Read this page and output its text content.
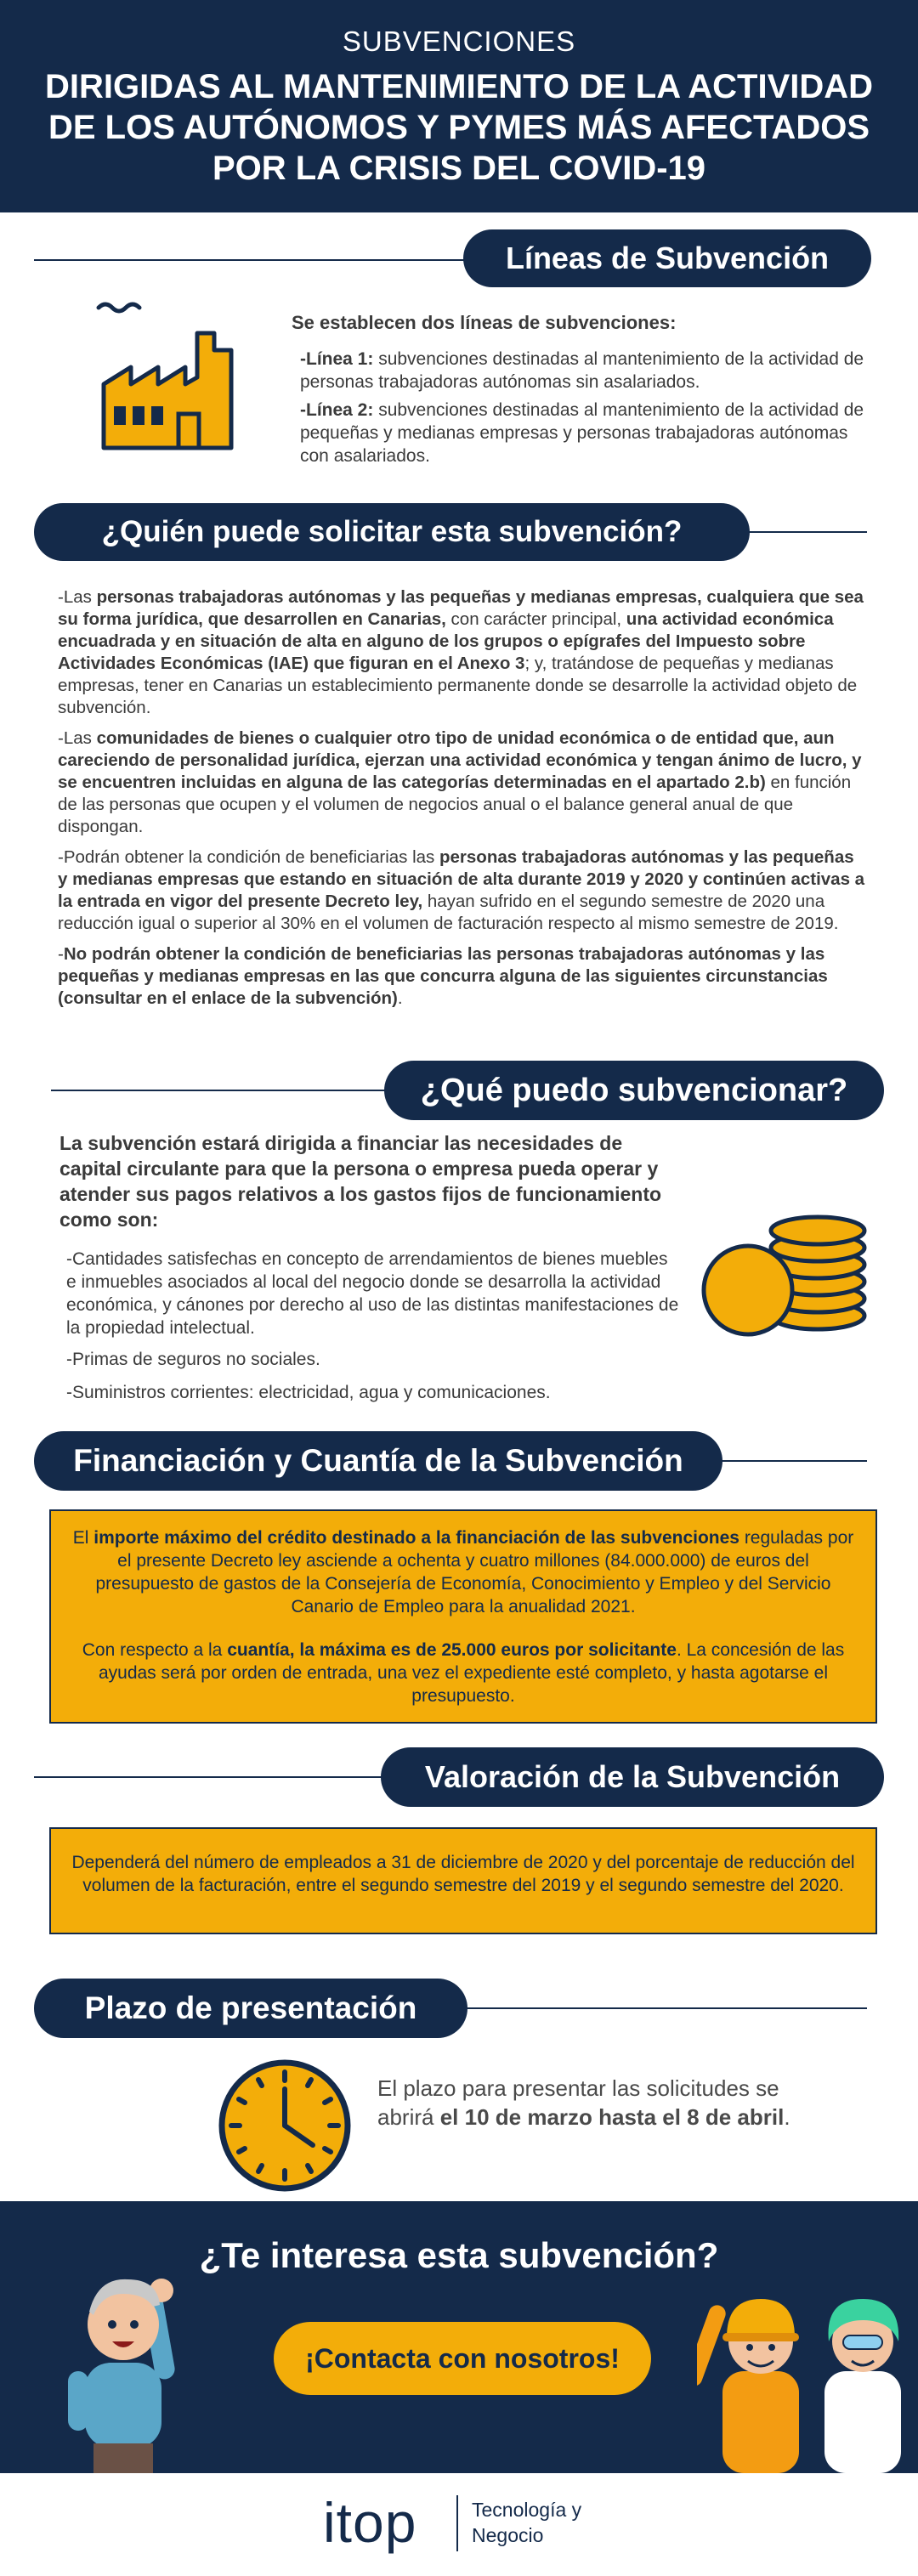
SUBVENCIONES
DIRIGIDAS AL MANTENIMIENTO DE LA ACTIVIDAD DE LOS AUTÓNOMOS Y PYMES MÁS AFECTADOS POR LA CRISIS DEL COVID-19
Líneas de Subvención

Se establecen dos líneas de subvenciones:

-Línea 1: subvenciones destinadas al mantenimiento de la actividad de personas trabajadoras autónomas sin asalariados.

-Línea 2: subvenciones destinadas al mantenimiento de la actividad de pequeñas y medianas empresas y personas trabajadoras autónomas con asalariados.

¿Quién puede solicitar esta subvención?

-Las personas trabajadoras autónomas y las pequeñas y medianas empresas, cualquiera que sea su forma jurídica, que desarrollen en Canarias, con carácter principal, una actividad económica encuadrada y en situación de alta en alguno de los grupos o epígrafes del Impuesto sobre Actividades Económicas (IAE) que figuran en el Anexo 3; y, tratándose de pequeñas y medianas empresas, tener en Canarias un establecimiento permanente donde se desarrolle la actividad objeto de subvención.

-Las comunidades de bienes o cualquier otro tipo de unidad económica o de entidad que, aun careciendo de personalidad jurídica, ejerzan una actividad económica y tengan ánimo de lucro, y se encuentren incluidas en alguna de las categorías determinadas en el apartado 2.b) en función de las personas que ocupen y el volumen de negocios anual o el balance general anual de que dispongan.

-Podrán obtener la condición de beneficiarias las personas trabajadoras autónomas y las pequeñas y medianas empresas que estando en situación de alta durante 2019 y 2020 y continúen activas a la entrada en vigor del presente Decreto ley, hayan sufrido en el segundo semestre de 2020 una reducción igual o superior al 30% en el volumen de facturación respecto al mismo semestre de 2019.

-No podrán obtener la condición de beneficiarias las personas trabajadoras autónomas y las pequeñas y medianas empresas en las que concurra alguna de las siguientes circunstancias (consultar en el enlace de la subvención).

¿Qué puedo subvencionar?

La subvención estará dirigida a financiar las necesidades de capital circulante para que la persona o empresa pueda operar y atender sus pagos relativos a los gastos fijos de funcionamiento como son:

-Cantidades satisfechas en concepto de arrendamientos de bienes muebles e inmuebles asociados al local del negocio donde se desarrolla la actividad económica, y cánones por derecho al uso de las distintas manifestaciones de la propiedad intelectual.

-Primas de seguros no sociales.

-Suministros corrientes: electricidad, agua y comunicaciones.

Financiación y Cuantía de la Subvención

El importe máximo del crédito destinado a la financiación de las subvenciones reguladas por el presente Decreto ley asciende a ochenta y cuatro millones (84.000.000) de euros del presupuesto de gastos de la Consejería de Economía, Conocimiento y Empleo y del Servicio Canario de Empleo para la anualidad 2021.

Con respecto a la cuantía, la máxima es de 25.000 euros por solicitante. La concesión de las ayudas será por orden de entrada, una vez el expediente esté completo, y hasta agotarse el presupuesto.

Valoración de la Subvención

Dependerá del número de empleados a 31 de diciembre de 2020 y del porcentaje de reducción del volumen de la facturación, entre el segundo semestre del 2019 y el segundo semestre del 2020.

Plazo de presentación
El plazo para presentar las solicitudes se abrirá el 10 de marzo hasta el 8 de abril.
¿Te interesa esta subvención?
¡Contacta con nosotros!
itop	Tecnología y
Negocio
